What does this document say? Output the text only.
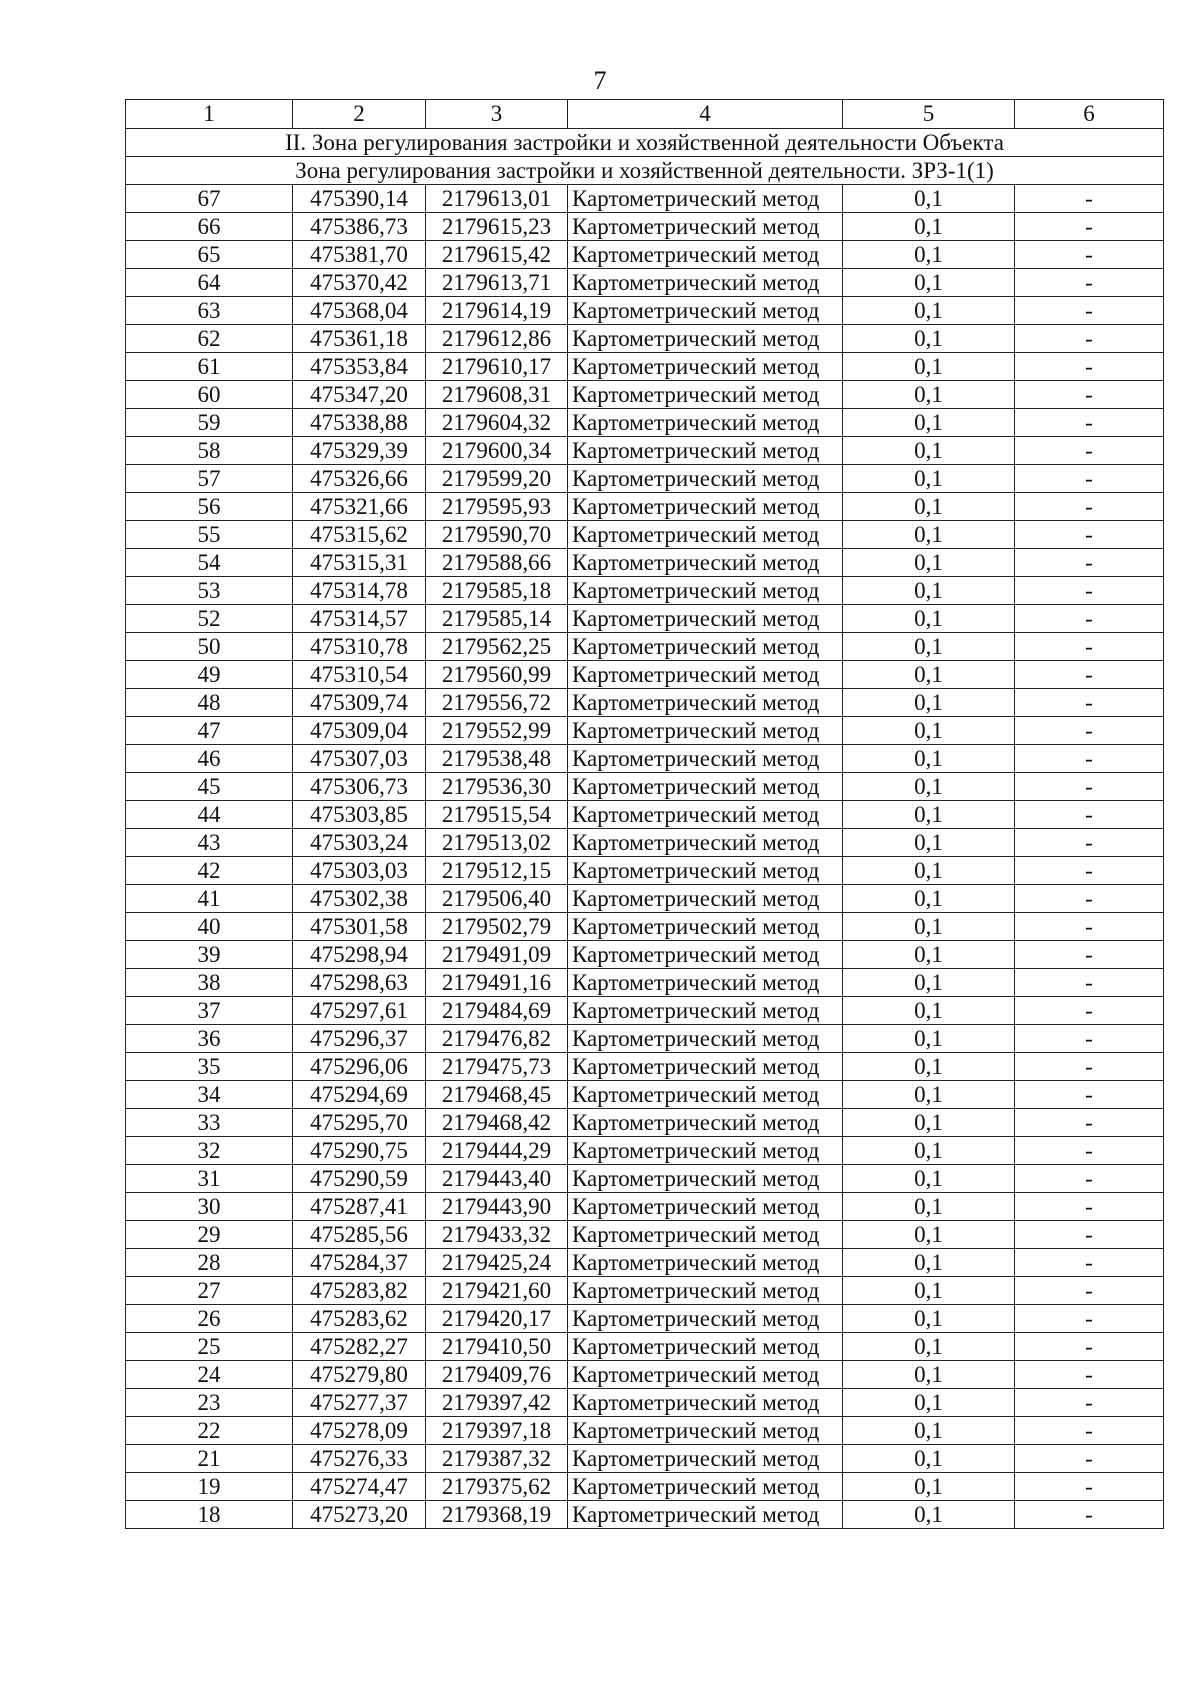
7
1	2	3	4	5	6
II. Зона регулирования застройки и хозяйственной деятельности Объекта					
Зона регулирования застройки и хозяйственной деятельности. ЗРЗ-1(1)					
67	475390,14	2179613,01	Картометрический метод	0,1	-
66	475386,73	2179615,23	Картометрический метод	0,1	-
65	475381,70	2179615,42	Картометрический метод	0,1	-
64	475370,42	2179613,71	Картометрический метод	0,1	-
63	475368,04	2179614,19	Картометрический метод	0,1	-
62	475361,18	2179612,86	Картометрический метод	0,1	-
61	475353,84	2179610,17	Картометрический метод	0,1	-
60	475347,20	2179608,31	Картометрический метод	0,1	-
59	475338,88	2179604,32	Картометрический метод	0,1	-
58	475329,39	2179600,34	Картометрический метод	0,1	-
57	475326,66	2179599,20	Картометрический метод	0,1	-
56	475321,66	2179595,93	Картометрический метод	0,1	-
55	475315,62	2179590,70	Картометрический метод	0,1	-
54	475315,31	2179588,66	Картометрический метод	0,1	-
53	475314,78	2179585,18	Картометрический метод	0,1	-
52	475314,57	2179585,14	Картометрический метод	0,1	-
50	475310,78	2179562,25	Картометрический метод	0,1	-
49	475310,54	2179560,99	Картометрический метод	0,1	-
48	475309,74	2179556,72	Картометрический метод	0,1	-
47	475309,04	2179552,99	Картометрический метод	0,1	-
46	475307,03	2179538,48	Картометрический метод	0,1	-
45	475306,73	2179536,30	Картометрический метод	0,1	-
44	475303,85	2179515,54	Картометрический метод	0,1	-
43	475303,24	2179513,02	Картометрический метод	0,1	-
42	475303,03	2179512,15	Картометрический метод	0,1	-
41	475302,38	2179506,40	Картометрический метод	0,1	-
40	475301,58	2179502,79	Картометрический метод	0,1	-
39	475298,94	2179491,09	Картометрический метод	0,1	-
38	475298,63	2179491,16	Картометрический метод	0,1	-
37	475297,61	2179484,69	Картометрический метод	0,1	-
36	475296,37	2179476,82	Картометрический метод	0,1	-
35	475296,06	2179475,73	Картометрический метод	0,1	-
34	475294,69	2179468,45	Картометрический метод	0,1	-
33	475295,70	2179468,42	Картометрический метод	0,1	-
32	475290,75	2179444,29	Картометрический метод	0,1	-
31	475290,59	2179443,40	Картометрический метод	0,1	-
30	475287,41	2179443,90	Картометрический метод	0,1	-
29	475285,56	2179433,32	Картометрический метод	0,1	-
28	475284,37	2179425,24	Картометрический метод	0,1	-
27	475283,82	2179421,60	Картометрический метод	0,1	-
26	475283,62	2179420,17	Картометрический метод	0,1	-
25	475282,27	2179410,50	Картометрический метод	0,1	-
24	475279,80	2179409,76	Картометрический метод	0,1	-
23	475277,37	2179397,42	Картометрический метод	0,1	-
22	475278,09	2179397,18	Картометрический метод	0,1	-
21	475276,33	2179387,32	Картометрический метод	0,1	-
19	475274,47	2179375,62	Картометрический метод	0,1	-
18	475273,20	2179368,19	Картометрический метод	0,1	-
